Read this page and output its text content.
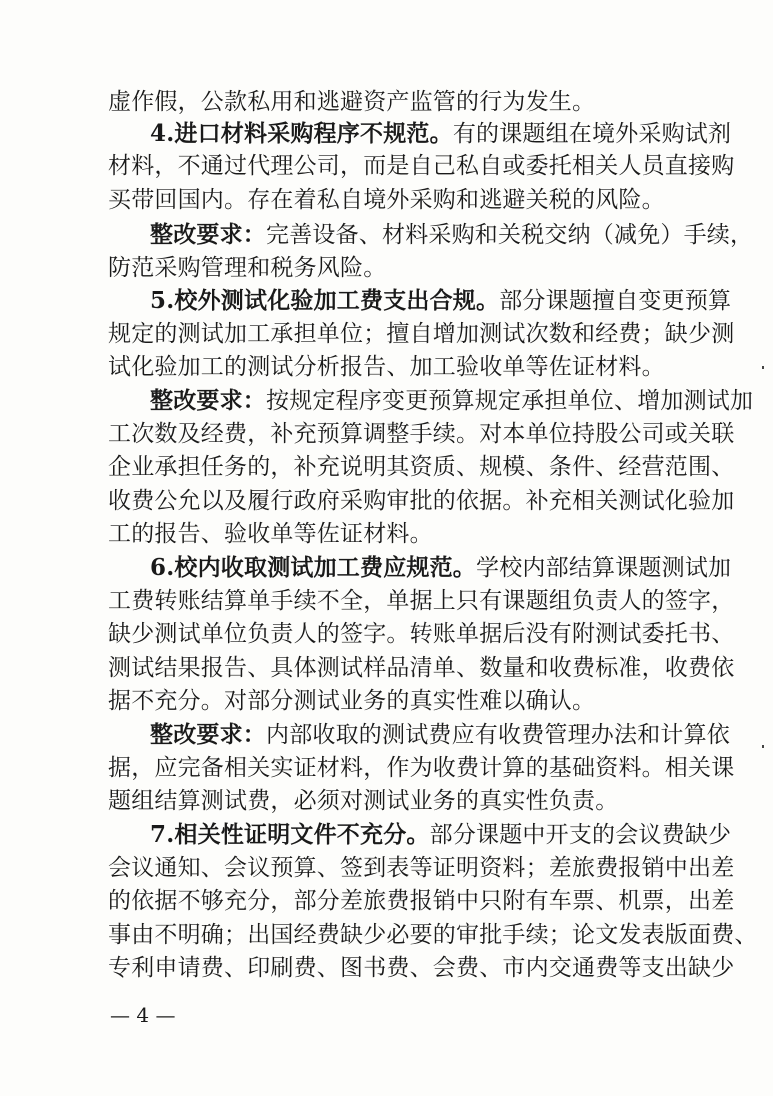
虚作假，公款私用和逃避资产监管的行为发生。
4.进口材料采购程序不规范。有的课题组在境外采购试剂
材料，不通过代理公司，而是自己私自或委托相关人员直接购
买带回国内。存在着私自境外采购和逃避关税的风险。
整改要求：完善设备、材料采购和关税交纳（减免）手续，
防范采购管理和税务风险。
5.校外测试化验加工费支出合规。部分课题擅自变更预算
规定的测试加工承担单位；擅自增加测试次数和经费；缺少测
试化验加工的测试分析报告、加工验收单等佐证材料。
整改要求：按规定程序变更预算规定承担单位、增加测试加
工次数及经费，补充预算调整手续。对本单位持股公司或关联
企业承担任务的，补充说明其资质、规模、条件、经营范围、
收费公允以及履行政府采购审批的依据。补充相关测试化验加
工的报告、验收单等佐证材料。
6.校内收取测试加工费应规范。学校内部结算课题测试加
工费转账结算单手续不全，单据上只有课题组负责人的签字，
缺少测试单位负责人的签字。转账单据后没有附测试委托书、
测试结果报告、具体测试样品清单、数量和收费标准，收费依
据不充分。对部分测试业务的真实性难以确认。
整改要求：内部收取的测试费应有收费管理办法和计算依
据，应完备相关实证材料，作为收费计算的基础资料。相关课
题组结算测试费，必须对测试业务的真实性负责。
7.相关性证明文件不充分。部分课题中开支的会议费缺少
会议通知、会议预算、签到表等证明资料；差旅费报销中出差
的依据不够充分，部分差旅费报销中只附有车票、机票，出差
事由不明确；出国经费缺少必要的审批手续；论文发表版面费、
专利申请费、印刷费、图书费、会费、市内交通费等支出缺少
— 4 —
